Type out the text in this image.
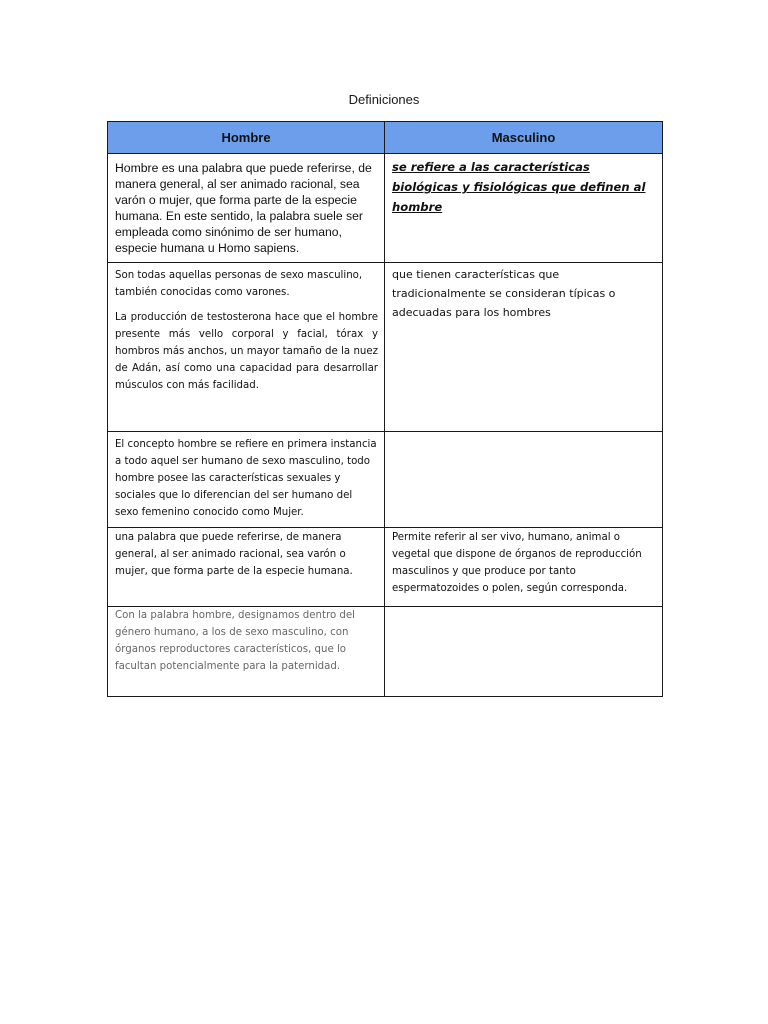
Definiciones
Hombre	Masculino

Hombre es una palabra que puede referirse, de manera general, al ser animado racional, sea varón o mujer, que forma parte de la especie humana. En este sentido, la palabra suele ser empleada como sinónimo de ser humano, especie humana u Homo sapiens.	se refiere a las características biológicas y fisiológicas que definen al hombre

Son todas aquellas personas de sexo masculino, también conocidas como varones.

La producción de testosterona hace que el hombre presente más vello corporal y facial, tórax y hombros más anchos, un mayor tamaño de la nuez de Adán, así como una capacidad para desarrollar músculos con más facilidad.	que tienen características que tradicionalmente se consideran típicas o adecuadas para los hombres

El concepto hombre se refiere en primera instancia a todo aquel ser humano de sexo masculino, todo hombre posee las características sexuales y sociales que lo diferencian del ser humano del sexo femenino conocido como Mujer.	

una palabra que puede referirse, de manera general, al ser animado racional, sea varón o mujer, que forma parte de la especie humana.	Permite referir al ser vivo, humano, animal o vegetal que dispone de órganos de reproducción masculinos y que produce por tanto espermatozoides o polen, según corresponda.

Con la palabra hombre, designamos dentro del género humano, a los de sexo masculino, con órganos reproductores característicos, que lo facultan potencialmente para la paternidad.	
